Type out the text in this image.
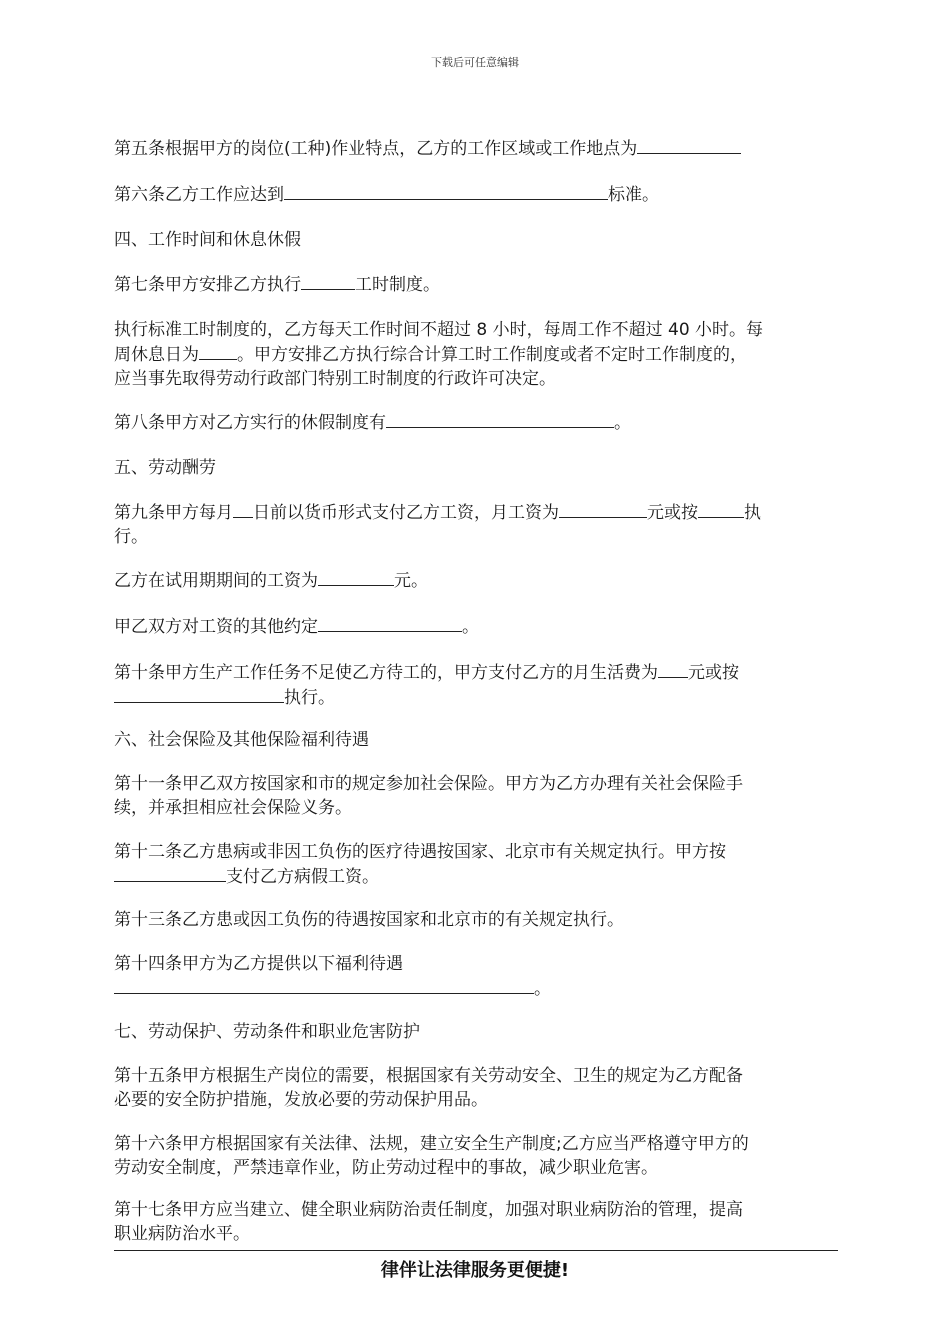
下载后可任意编辑

第五条根据甲方的岗位(工种)作业特点，乙方的工作区域或工作地点为

第六条乙方工作应达到	标准。

四、工作时间和休息休假

第七条甲方安排乙方执行	工时制度。

执行标准工时制度的，乙方每天工作时间不超过 8 小时，每周工作不超过 40 小时。每

周休息日为 。甲方安排乙方执行综合计算工时工作制度或者不定时工作制度的，

应当事先取得劳动行政部门特别工时制度的行政许可决定。

第八条甲方对乙方实行的休假制度有	。

五、劳动酬劳

第九条甲方每月 日前以货币形式支付乙方工资，月工资为	元或按	执

行。

乙方在试用期期间的工资为	元。

甲乙双方对工资的其他约定	。

第十条甲方生产工作任务不足使乙方待工的，甲方支付乙方的月生活费为 元或按

执行。

六、社会保险及其他保险福利待遇

第十一条甲乙双方按国家和市的规定参加社会保险。甲方为乙方办理有关社会保险手

续，并承担相应社会保险义务。

第十二条乙方患病或非因工负伤的医疗待遇按国家、北京市有关规定执行。甲方按

支付乙方病假工资。

第十三条乙方患或因工负伤的待遇按国家和北京市的有关规定执行。

第十四条甲方为乙方提供以下福利待遇

。

七、劳动保护、劳动条件和职业危害防护

第十五条甲方根据生产岗位的需要，根据国家有关劳动安全、卫生的规定为乙方配备

必要的安全防护措施，发放必要的劳动保护用品。

第十六条甲方根据国家有关法律、法规，建立安全生产制度;乙方应当严格遵守甲方的

劳动安全制度，严禁违章作业，防止劳动过程中的事故，减少职业危害。

第十七条甲方应当建立、健全职业病防治责任制度，加强对职业病防治的管理，提高

职业病防治水平。

律伴让法律服务更便捷!
